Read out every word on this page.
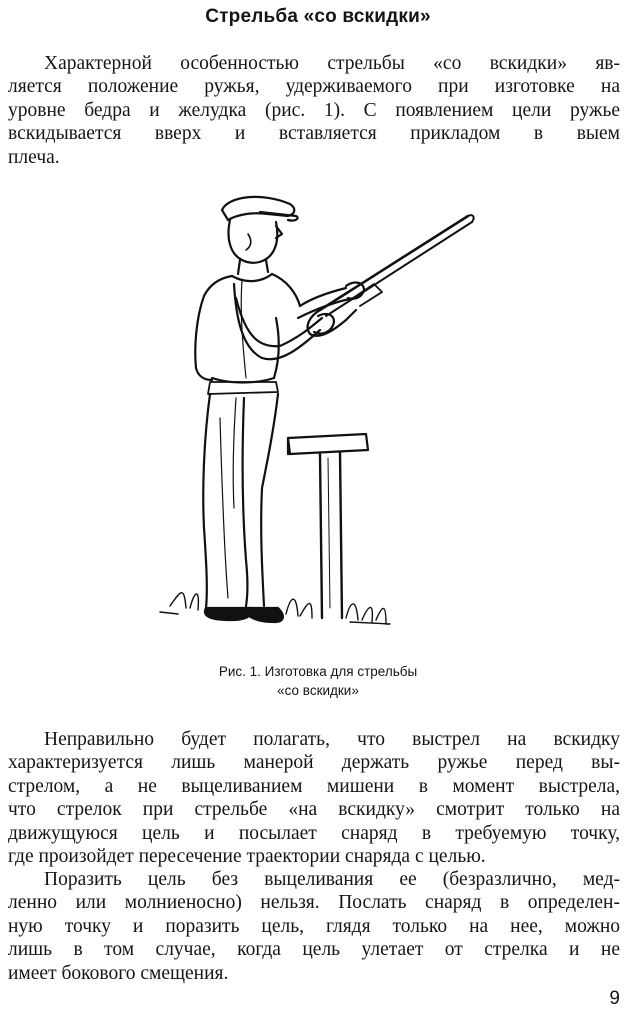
Стрельба «со вскидки»
Характерной особенностью стрельбы «со вскидки» яв-
ляется положение ружья, удерживаемого при изготовке на
уровне бедра и желудка (рис. 1). С появлением цели ружье
вскидывается вверх и вставляется прикладом в выем
плеча.
Рис. 1. Изготовка для стрельбы
«со вскидки»
Неправильно будет полагать, что выстрел на вскидку
характеризуется лишь манерой держать ружье перед вы-
стрелом, а не выцеливанием мишени в момент выстрела,
что стрелок при стрельбе «на вскидку» смотрит только на
движущуюся цель и посылает снаряд в требуемую точку,
где произойдет пересечение траектории снаряда с целью.
Поразить цель без выцеливания ее (безразлично, мед-
ленно или молниеносно) нельзя. Послать снаряд в определен-
ную точку и поразить цель, глядя только на нее, можно
лишь в том случае, когда цель улетает от стрелка и не
имеет бокового смещения.
9
